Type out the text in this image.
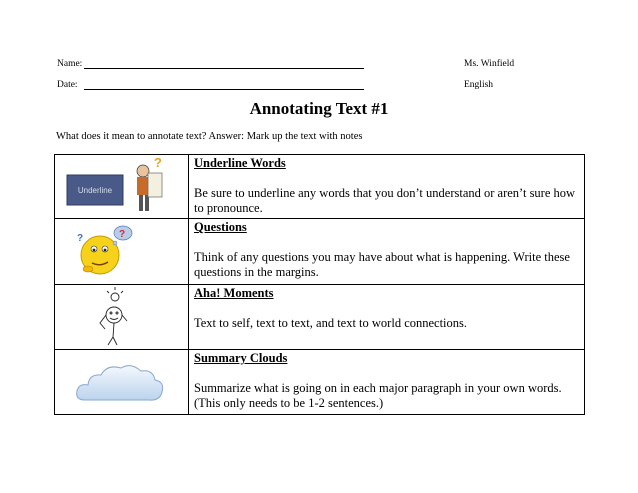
Name:	Ms. Winfield
Date:	English
Annotating Text #1
What does it mean to annotate text? Answer: Mark up the text with notes
Underline
?	Underline Words
Be sure to underline any words that you don’t understand or aren’t sure how to pronounce.

? ?	Questions
Think of any questions you may have about what is happening. Write these questions in the margins.

Aha! Moments
Text to self, text to text, and text to world connections.

Summary Clouds
Summarize what is going on in each major paragraph in your own words. (This only needs to be 1-2 sentences.)
